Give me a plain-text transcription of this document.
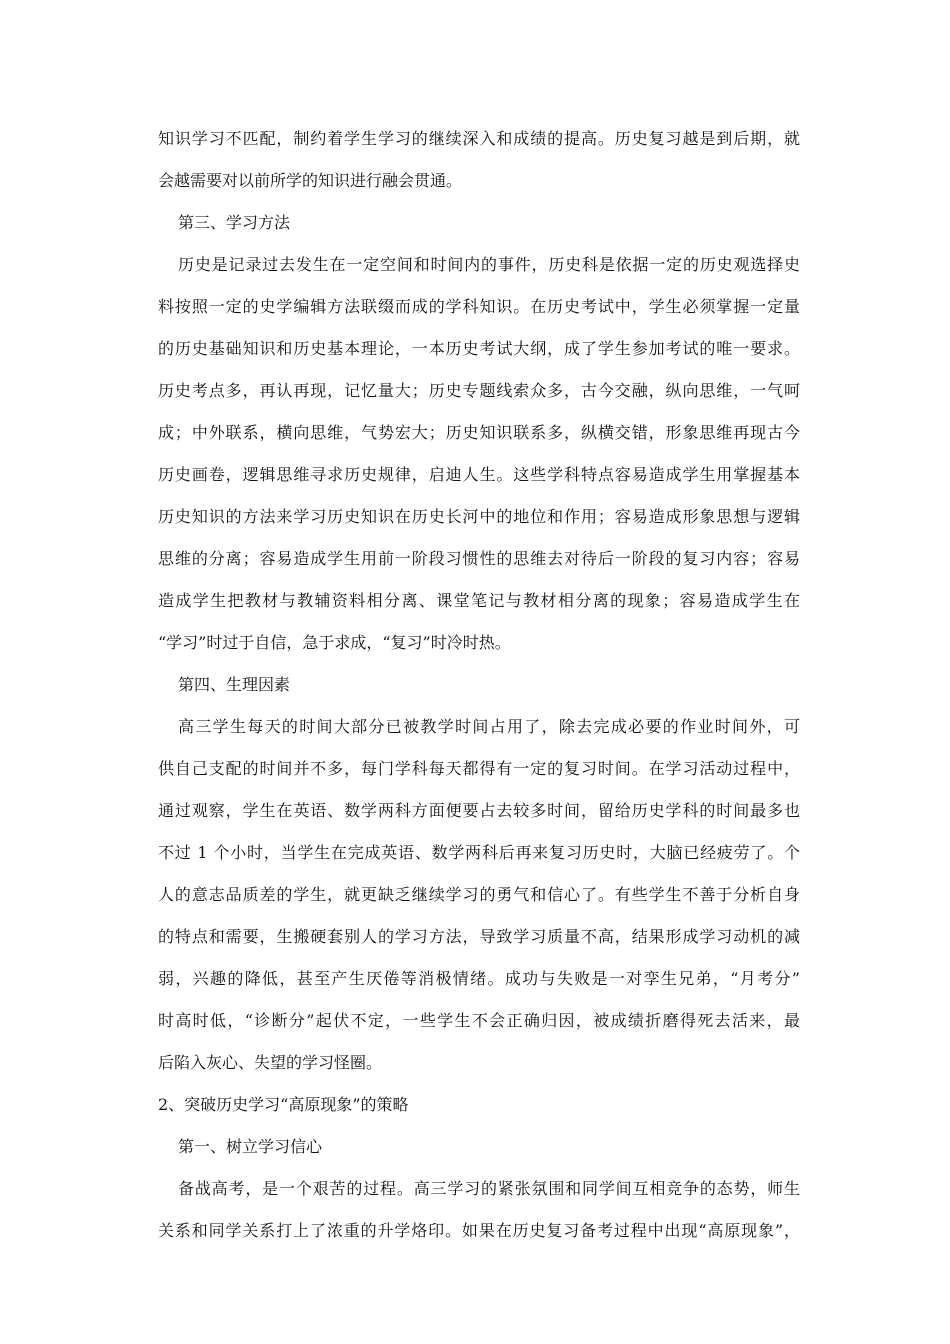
知识学习不匹配，制约着学生学习的继续深入和成绩的提高。历史复习越是到后期，就
会越需要对以前所学的知识进行融会贯通。
第三、学习方法
历史是记录过去发生在一定空间和时间内的事件，历史科是依据一定的历史观选择史
料按照一定的史学编辑方法联缀而成的学科知识。在历史考试中，学生必须掌握一定量
的历史基础知识和历史基本理论，一本历史考试大纲，成了学生参加考试的唯一要求。
历史考点多，再认再现，记忆量大；历史专题线索众多，古今交融，纵向思维，一气呵
成；中外联系，横向思维，气势宏大；历史知识联系多，纵横交错，形象思维再现古今
历史画卷，逻辑思维寻求历史规律，启迪人生。这些学科特点容易造成学生用掌握基本
历史知识的方法来学习历史知识在历史长河中的地位和作用；容易造成形象思想与逻辑
思维的分离；容易造成学生用前一阶段习惯性的思维去对待后一阶段的复习内容；容易
造成学生把教材与教辅资料相分离、课堂笔记与教材相分离的现象；容易造成学生在
“学习”时过于自信，急于求成，“复习”时冷时热。
第四、生理因素
高三学生每天的时间大部分已被教学时间占用了，除去完成必要的作业时间外，可
供自己支配的时间并不多，每门学科每天都得有一定的复习时间。在学习活动过程中，
通过观察，学生在英语、数学两科方面便要占去较多时间，留给历史学科的时间最多也
不过 1 个小时，当学生在完成英语、数学两科后再来复习历史时，大脑已经疲劳了。个
人的意志品质差的学生，就更缺乏继续学习的勇气和信心了。有些学生不善于分析自身
的特点和需要，生搬硬套别人的学习方法，导致学习质量不高，结果形成学习动机的减
弱，兴趣的降低，甚至产生厌倦等消极情绪。成功与失败是一对孪生兄弟，“月考分”
时高时低，“诊断分”起伏不定，一些学生不会正确归因，被成绩折磨得死去活来，最
后陷入灰心、失望的学习怪圈。
2、突破历史学习“高原现象”的策略
第一、树立学习信心
备战高考，是一个艰苦的过程。高三学习的紧张氛围和同学间互相竞争的态势，师生
关系和同学关系打上了浓重的升学烙印。如果在历史复习备考过程中出现“高原现象”，
